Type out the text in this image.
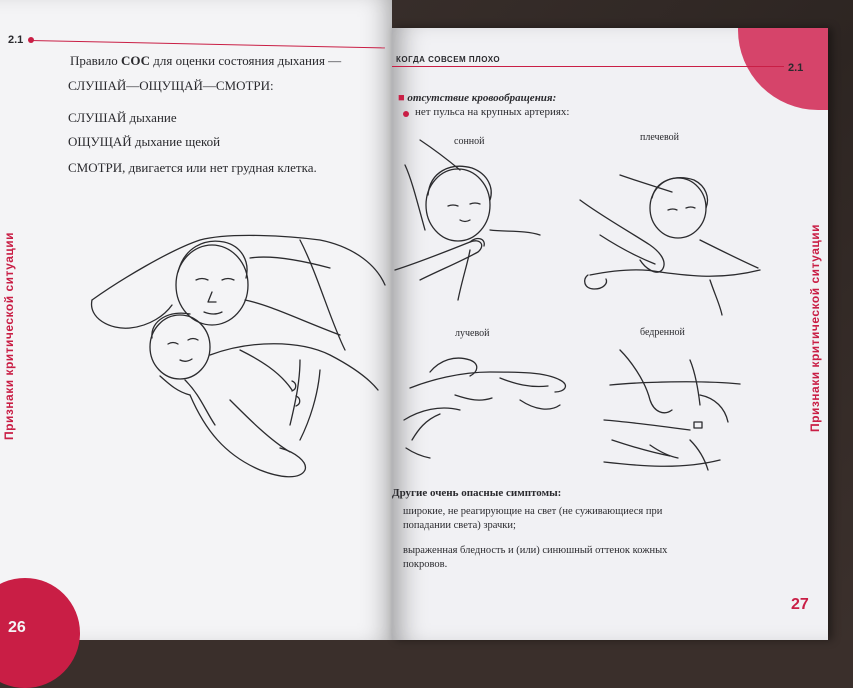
2.1
Правило СОС для оценки состояния дыхания —
СЛУШАЙ—ОЩУЩАЙ—СМОТРИ:
СЛУШАЙ дыхание
ОЩУЩАЙ дыхание щекой
СМОТРИ, двигается или нет грудная клетка.
Признаки критической ситуации
26
2.1
КОГДА СОВСЕМ ПЛОХО
■ отсутствие кровообращения:
нет пульса на крупных артериях:
сонной	плечевой
лучевой	бедренной
Другие очень опасные симптомы:
широкие, не реагирующие на свет (не суживающиеся при
попадании света) зрачки;
выраженная бледность и (или) синюшный оттенок кожных
покровов.
Признаки критической ситуации
27
